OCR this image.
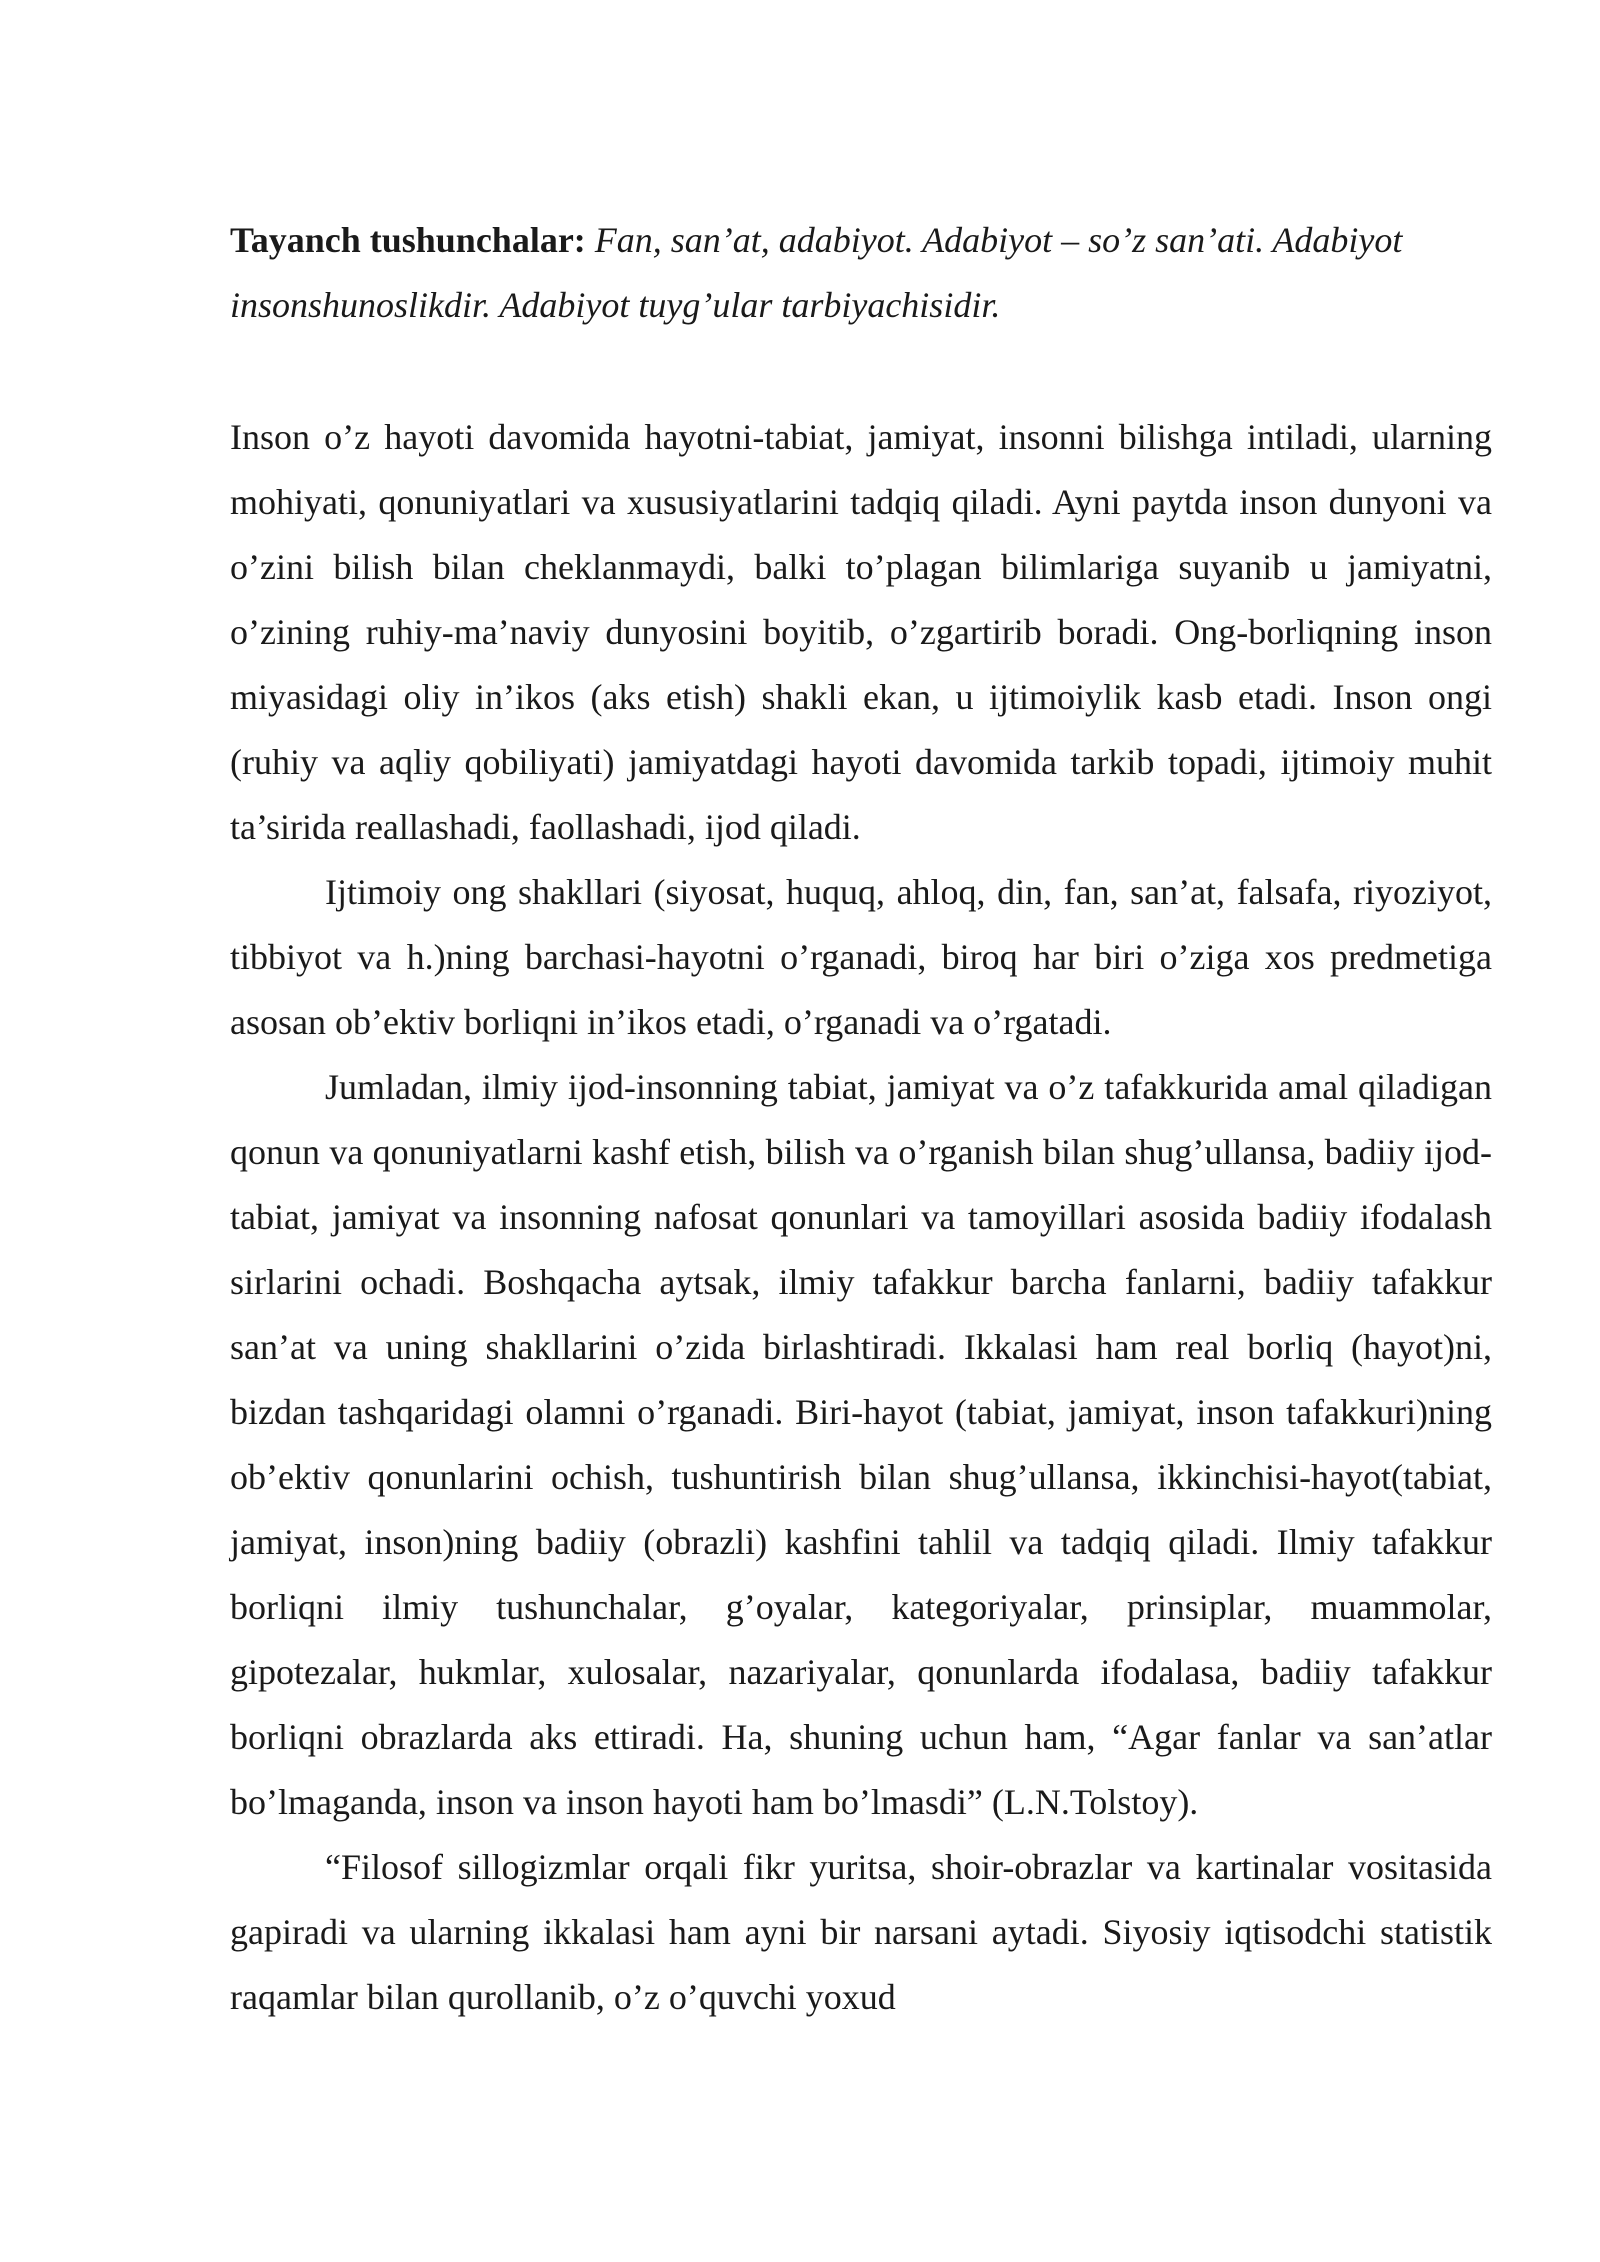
Tayanch tushunchalar: Fan, san’at, adabiyot. Adabiyot – so’z san’ati. Adabiyot insonshunoslikdir. Adabiyot tuyg’ular tarbiyachisidir.

Inson o’z hayoti davomida hayotni-tabiat, jamiyat, insonni bilishga intiladi, ularning mohiyati, qonuniyatlari va xususiyatlarini tadqiq qiladi. Ayni paytda inson dunyoni va o’zini bilish bilan cheklanmaydi, balki to’plagan bilimlariga suyanib u jamiyatni, o’zining ruhiy-ma’naviy dunyosini boyitib, o’zgartirib boradi. Ong-borliqning inson miyasidagi oliy in’ikos (aks etish) shakli ekan, u ijtimoiylik kasb etadi. Inson ongi (ruhiy va aqliy qobiliyati) jamiyatdagi hayoti davomida tarkib topadi, ijtimoiy muhit ta’sirida reallashadi, faollashadi, ijod qiladi.

Ijtimoiy ong shakllari (siyosat, huquq, ahloq, din, fan, san’at, falsafa, riyoziyot, tibbiyot va h.)ning barchasi-hayotni o’rganadi, biroq har biri o’ziga xos predmetiga asosan ob’ektiv borliqni in’ikos etadi, o’rganadi va o’rgatadi.

Jumladan, ilmiy ijod-insonning tabiat, jamiyat va o’z tafakkurida amal qiladigan qonun va qonuniyatlarni kashf etish, bilish va o’rganish bilan shug’ullansa, badiiy ijod-tabiat, jamiyat va insonning nafosat qonunlari va tamoyillari asosida badiiy ifodalash sirlarini ochadi. Boshqacha aytsak, ilmiy tafakkur barcha fanlarni, badiiy tafakkur san’at va uning shakllarini o’zida birlashtiradi. Ikkalasi ham real borliq (hayot)ni, bizdan tashqaridagi olamni o’rganadi. Biri-hayot (tabiat, jamiyat, inson tafakkuri)ning ob’ektiv qonunlarini ochish, tushuntirish bilan shug’ullansa, ikkinchisi-hayot(tabiat, jamiyat, inson)ning badiiy (obrazli) kashfini tahlil va tadqiq qiladi. Ilmiy tafakkur borliqni ilmiy tushunchalar, g’oyalar, kategoriyalar, prinsiplar, muammolar, gipotezalar, hukmlar, xulosalar, nazariyalar, qonunlarda ifodalasa, badiiy tafakkur borliqni obrazlarda aks ettiradi. Ha, shuning uchun ham, “Agar fanlar va san’atlar bo’lmaganda, inson va inson hayoti ham bo’lmasdi” (L.N.Tolstoy).

“Filosof sillogizmlar orqali fikr yuritsa, shoir-obrazlar va kartinalar vositasida gapiradi va ularning ikkalasi ham ayni bir narsani aytadi. Siyosiy iqtisodchi statistik raqamlar bilan qurollanib, o’z o’quvchi yoxud
